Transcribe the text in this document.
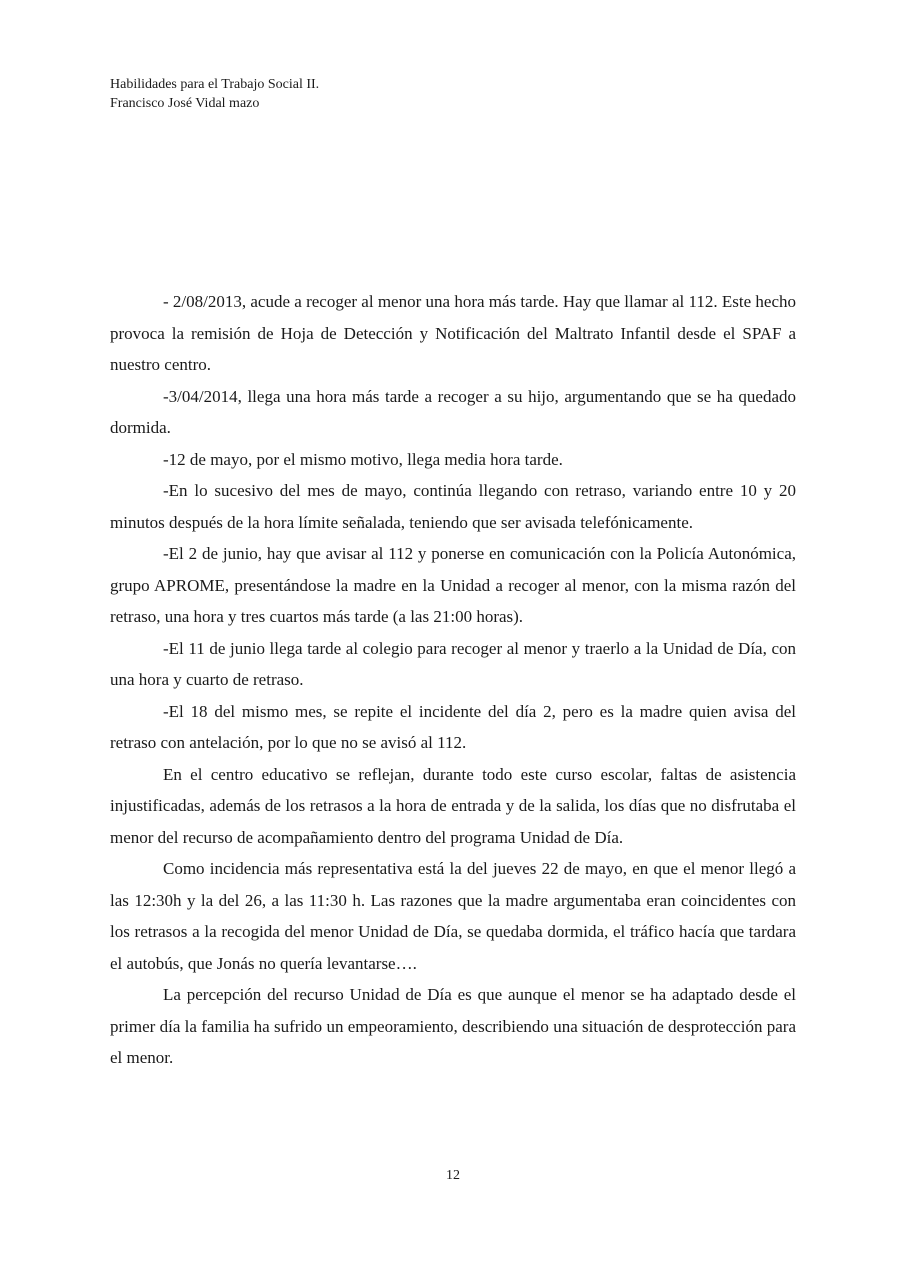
Habilidades para el Trabajo Social II.
Francisco José Vidal mazo

- 2/08/2013, acude a recoger al menor una hora más tarde. Hay que llamar al 112. Este hecho provoca la remisión de Hoja de Detección y Notificación del Maltrato Infantil desde el SPAF a nuestro centro.

-3/04/2014, llega una hora más tarde a recoger a su hijo, argumentando que se ha quedado dormida.

-12 de mayo, por el mismo motivo, llega media hora tarde.

-En lo sucesivo del mes de mayo, continúa llegando con retraso, variando entre 10 y 20 minutos después de la hora límite señalada, teniendo que ser avisada telefónicamente.

-El 2 de junio, hay que avisar al 112 y ponerse en comunicación con la Policía Autonómica, grupo APROME, presentándose la madre en la Unidad a recoger al menor, con la misma razón del retraso, una hora y tres cuartos más tarde (a las 21:00 horas).

-El 11 de junio llega tarde al colegio para recoger al menor y traerlo a la Unidad de Día, con una hora y cuarto de retraso.

-El 18 del mismo mes, se repite el incidente del día 2, pero es la madre quien avisa del retraso con antelación, por lo que no se avisó al 112.

En el centro educativo se reflejan, durante todo este curso escolar, faltas de asistencia injustificadas, además de los retrasos a la hora de entrada y de la salida, los días que no disfrutaba el menor del recurso de acompañamiento dentro del programa Unidad de Día.

Como incidencia más representativa está la del jueves 22 de mayo, en que el menor llegó a las 12:30h y la del 26, a las 11:30 h. Las razones que la madre argumentaba eran coincidentes con los retrasos a la recogida del menor Unidad de Día, se quedaba dormida, el tráfico hacía que tardara el autobús, que Jonás no quería levantarse….

La percepción del recurso Unidad de Día es que aunque el menor se ha adaptado desde el primer día la familia ha sufrido un empeoramiento, describiendo una situación de desprotección para el menor.

12
